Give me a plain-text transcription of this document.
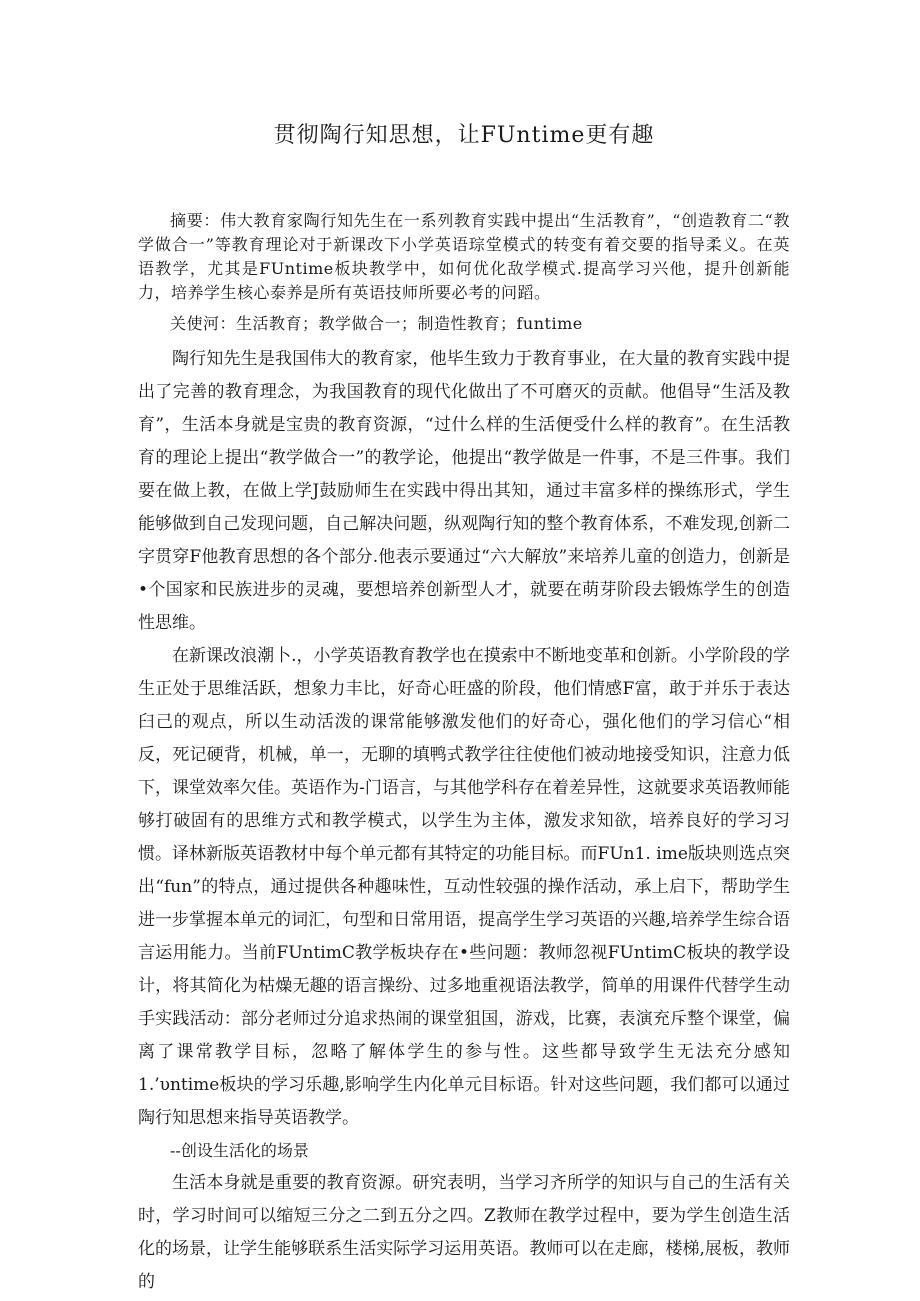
贯彻陶行知思想，让FUntime更有趣

摘要：伟大教育家陶行知先生在一系列教育实践中提出“生活教育”，“创造教育二“教学做合一”等教育理论对于新课改下小学英语琮堂模式的转变有着交要的指导柔义。在英语教学，尤其是FUntime板块教学中，如何优化敌学模式.提高学习兴他，提升创新能力，培养学生核心泰养是所有英语技师所要必考的问蹈。

关使河：生活教育；教学做合一；制造性教育；funtime

陶行知先生是我国伟大的教育家，他毕生致力于教育事业，在大量的教育实践中提出了完善的教育理念，为我国教育的现代化做出了不可磨灭的贡献。他倡导“生活及教育”，生活本身就是宝贵的教育资源，“过什么样的生活便受什么样的教育”。在生活教育的理论上提出“教学做合一”的教学论，他提出“教学做是一件事，不是三件事。我们要在做上教，在做上学J鼓励师生在实践中得出其知，通过丰富多样的操练形式，学生能够做到自己发现问题，自己解决问题，纵观陶行知的整个教育体系，不难发现,创新二字贯穿F他教育思想的各个部分.他表示要通过“六大解放”来培养儿童的创造力，创新是•个国家和民族进步的灵魂，要想培养创新型人才，就要在萌芽阶段去锻炼学生的创造性思维。

在新课改浪潮卜.，小学英语教育教学也在摸索中不断地变革和创新。小学阶段的学生正处于思维活跃，想象力丰比，好奇心旺盛的阶段，他们情感F富，敢于并乐于表达臼己的观点，所以生动活泼的课常能够激发他们的好奇心，强化他们的学习信心“相反，死记硬背，机械，单一，无聊的填鸭式教学往往使他们被动地接受知识，注意力低下，课堂效率欠佳。英语作为-门语言，与其他学科存在着差异性，这就要求英语教师能够打破固有的思维方式和教学模式，以学生为主体，激发求知欲，培养良好的学习习惯。译林新版英语教材中每个单元都有其特定的功能目标。而FUn1. ime版块则选点突出“fun”的特点，通过提供各种趣味性，互动性较强的操作活动，承上启下，帮助学生进一步掌握本单元的词汇，句型和日常用语，提高学生学习英语的兴趣,培养学生综合语言运用能力。当前FUntimC教学板块存在•些问题：教师忽视FUntimC板块的教学设计，将其简化为枯燥无趣的语言操纷、过多地重视语法教学，简单的用课件代替学生动手实践活动：部分老师过分追求热闹的课堂狙国，游戏，比赛，表演充斥整个课堂，偏离了课常教学目标，忽略了解体学生的参与性。这些都导致学生无法充分感知1.’υntime板块的学习乐趣,影响学生内化单元目标语。针对这些问题，我们都可以通过陶行知思想来指导英语教学。

--创设生活化的场景

生活本身就是重要的教育资源。研究表明，当学习齐所学的知识与自己的生活有关时，学习时间可以缩短三分之二到五分之四。Z教师在教学过程中，要为学生创造生活化的场景，让学生能够联系生活实际学习运用英语。教师可以在走廊，楼梯,展板，教师的
